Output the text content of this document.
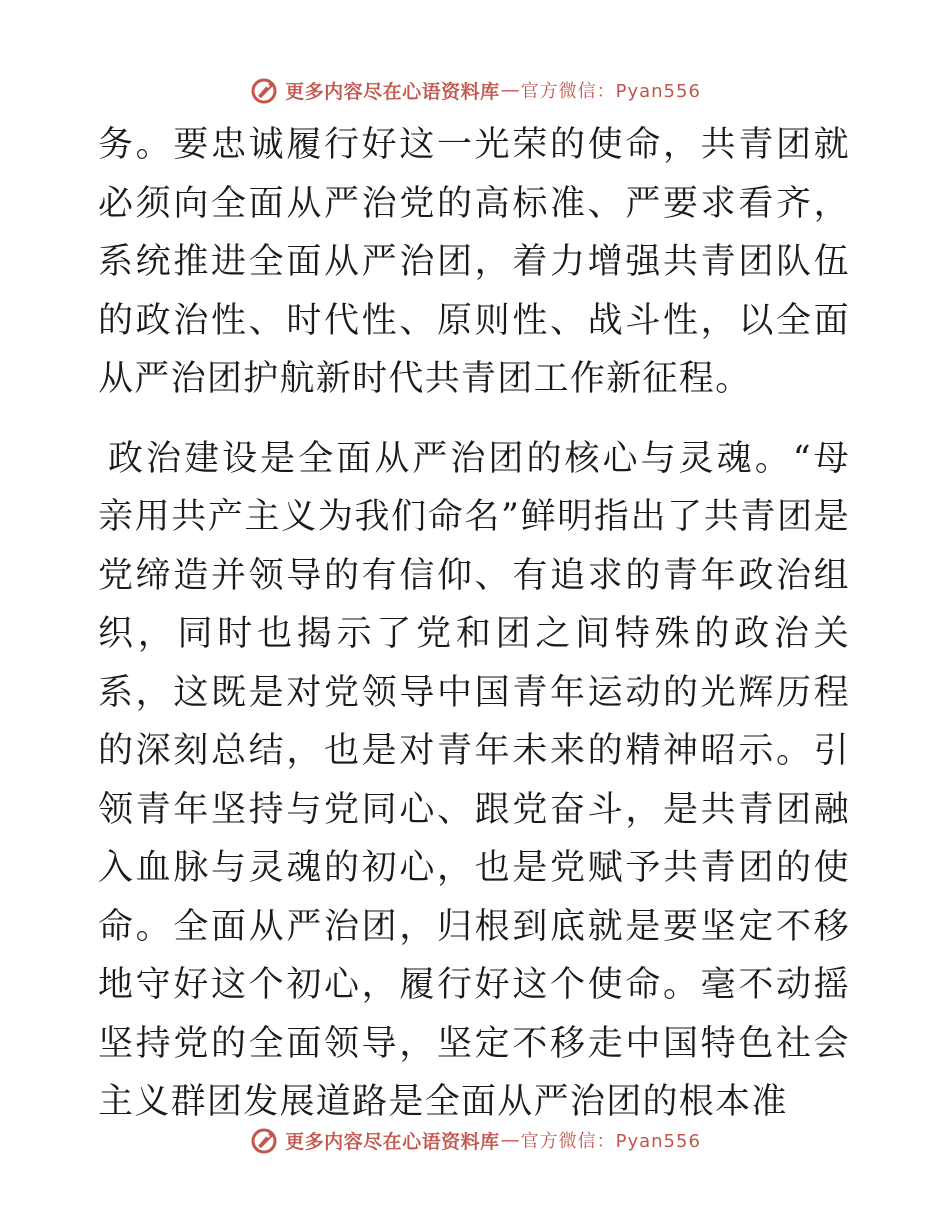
更多内容尽在心语资料库 — 官方微信：Pyan556

务。要忠诚履行好这一光荣的使命，共青团就必须向全面从严治党的高标准、严要求看齐，系统推进全面从严治团，着力增强共青团队伍的政治性、时代性、原则性、战斗性，以全面从严治团护航新时代共青团工作新征程。

政治建设是全面从严治团的核心与灵魂。“母亲用共产主义为我们命名”鲜明指出了共青团是党缔造并领导的有信仰、有追求的青年政治组织，同时也揭示了党和团之间特殊的政治关系，这既是对党领导中国青年运动的光辉历程的深刻总结，也是对青年未来的精神昭示。引领青年坚持与党同心、跟党奋斗，是共青团融入血脉与灵魂的初心，也是党赋予共青团的使命。全面从严治团，归根到底就是要坚定不移地守好这个初心，履行好这个使命。毫不动摇坚持党的全面领导，坚定不移走中国特色社会主义群团发展道路是全面从严治团的根本准

更多内容尽在心语资料库 — 官方微信：Pyan556
